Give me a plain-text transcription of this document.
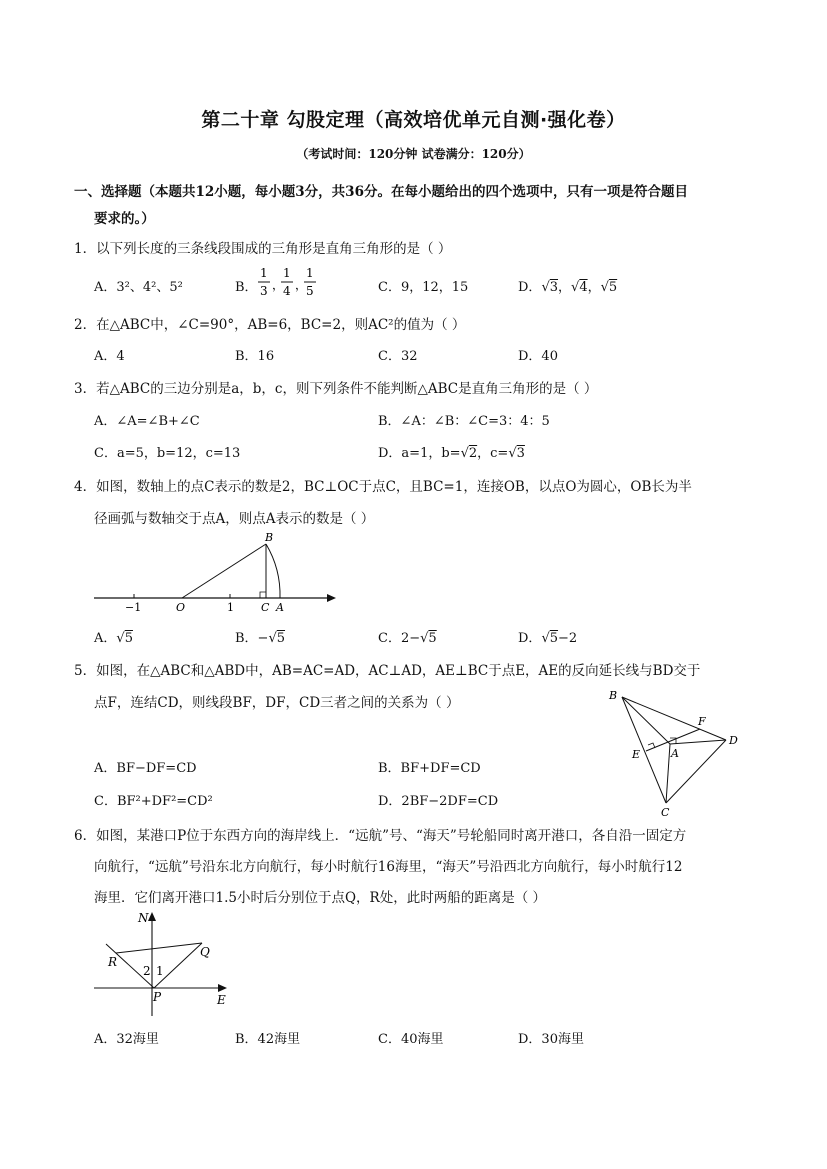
第二十章 勾股定理（高效培优单元自测·强化卷）
（考试时间：120分钟 试卷满分：120分）
一、选择题（本题共12小题，每小题3分，共36分。在每小题给出的四个选项中，只有一项是符合题目
要求的。）
1．以下列长度的三条线段围成的三角形是直角三角形的是（ ）
A．3²、4²、5²	B．
1
3 ，
1
4 ，
1
5	C．9，12，15	D．√3，√4，√5
2．在△ABC中，∠C=90°，AB=6，BC=2，则AC²的值为（ ）
A．4	B．16	C．32	D．40
3．若△ABC的三边分别是a，b，c，则下列条件不能判断△ABC是直角三角形的是（ ）
A．∠A=∠B+∠C	B．∠A：∠B：∠C=3：4：5
C．a=5，b=12，c=13	D．a=1，b=√2，c=√3
4．如图，数轴上的点C表示的数是2，BC⊥OC于点C，且BC=1，连接OB，以点O为圆心，OB长为半
径画弧与数轴交于点A，则点A表示的数是（ ）
B
O	C A
−1	1
A．√5	B．−√5	C．2−√5	D．√5−2
5．如图，在△ABC和△ABD中，AB=AC=AD，AC⊥AD，AE⊥BC于点E，AE的反向延长线与BD交于
点F，连结CD，则线段BF，DF，CD三者之间的关系为（ ）	B
F
D
E	A
C
A．BF−DF=CD	B．BF+DF=CD
C．BF²+DF²=CD²	D．2BF−2DF=CD
6．如图，某港口P位于东西方向的海岸线上．“远航”号、“海天”号轮船同时离开港口，各自沿一固定方
向航行，“远航”号沿东北方向航行，每小时航行16海里，“海天”号沿西北方向航行，每小时航行12
海里．它们离开港口1.5小时后分别位于点Q，R处，此时两船的距离是（ ）
N
R
Q
2 1
P	E
A．32海里	B．42海里	C．40海里	D．30海里
